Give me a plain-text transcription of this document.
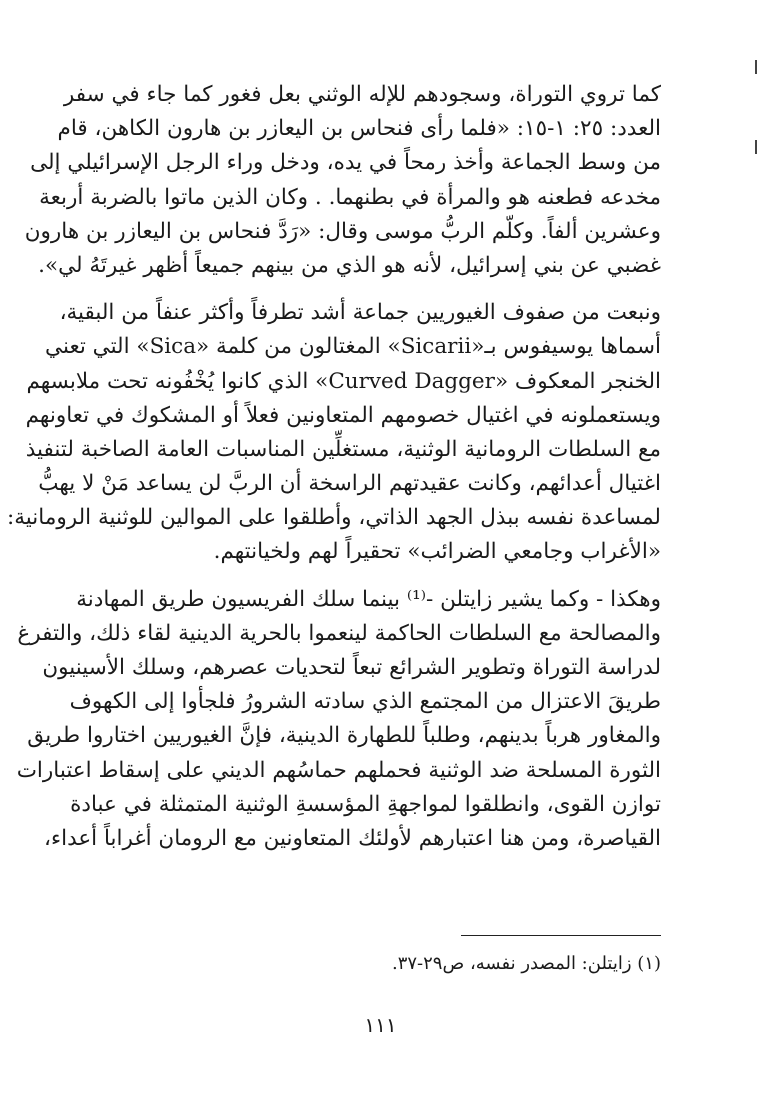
كما تروي التوراة، وسجودهم للإله الوثني بعل فغور كما جاء في سفر
العدد: ٢٥: ١-١٥: «فلما رأى فنحاس بن اليعازر بن هارون الكاهن، قام
من وسط الجماعة وأخذ رمحاً في يده، ودخل وراء الرجل الإسرائيلي إلى
مخدعه فطعنه هو والمرأة في بطنهما. . وكان الذين ماتوا بالضربة أربعة
وعشرين ألفاً. وكلّم الربُّ موسى وقال: «رَدَّ فنحاس بن اليعازر بن هارون
غضبي عن بني إسرائيل، لأنه هو الذي من بينهم جميعاً أظهر غيرتَهُ لي».

ونبعت من صفوف الغيوريين جماعة أشد تطرفاً وأكثر عنفاً من البقية،
أسماها يوسيفوس بـ«Sicarii» المغتالون من كلمة «Sica» التي تعني
الخنجر المعكوف «Curved Dagger» الذي كانوا يُخْفُونه تحت ملابسهم
ويستعملونه في اغتيال خصومهم المتعاونين فعلاً أو المشكوك في تعاونهم
مع السلطات الرومانية الوثنية، مستغلِّين المناسبات العامة الصاخبة لتنفيذ
اغتيال أعدائهم، وكانت عقيدتهم الراسخة أن الربَّ لن يساعد مَنْ لا يهبُّ
لمساعدة نفسه ببذل الجهد الذاتي، وأطلقوا على الموالين للوثنية الرومانية:
«الأغراب وجامعي الضرائب» تحقيراً لهم ولخيانتهم.

وهكذا - وكما يشير زايتلن -⁽¹⁾ بينما سلك الفريسيون طريق المهادنة
والمصالحة مع السلطات الحاكمة لينعموا بالحرية الدينية لقاء ذلك، والتفرغ
لدراسة التوراة وتطوير الشرائع تبعاً لتحديات عصرهم، وسلك الأسينيون
طريقَ الاعتزال من المجتمع الذي سادته الشرورُ فلجأوا إلى الكهوف
والمغاور هرباً بدينهم، وطلباً للطهارة الدينية، فإنَّ الغيوريين اختاروا طريق
الثورة المسلحة ضد الوثنية فحملهم حماسُهم الديني على إسقاط اعتبارات
توازن القوى، وانطلقوا لمواجهةِ المؤسسةِ الوثنية المتمثلة في عبادة
القياصرة، ومن هنا اعتبارهم لأولئك المتعاونين مع الرومان أغراباً أعداء،

(١) زايتلن: المصدر نفسه، ص٢٩-٣٧.
١١١
